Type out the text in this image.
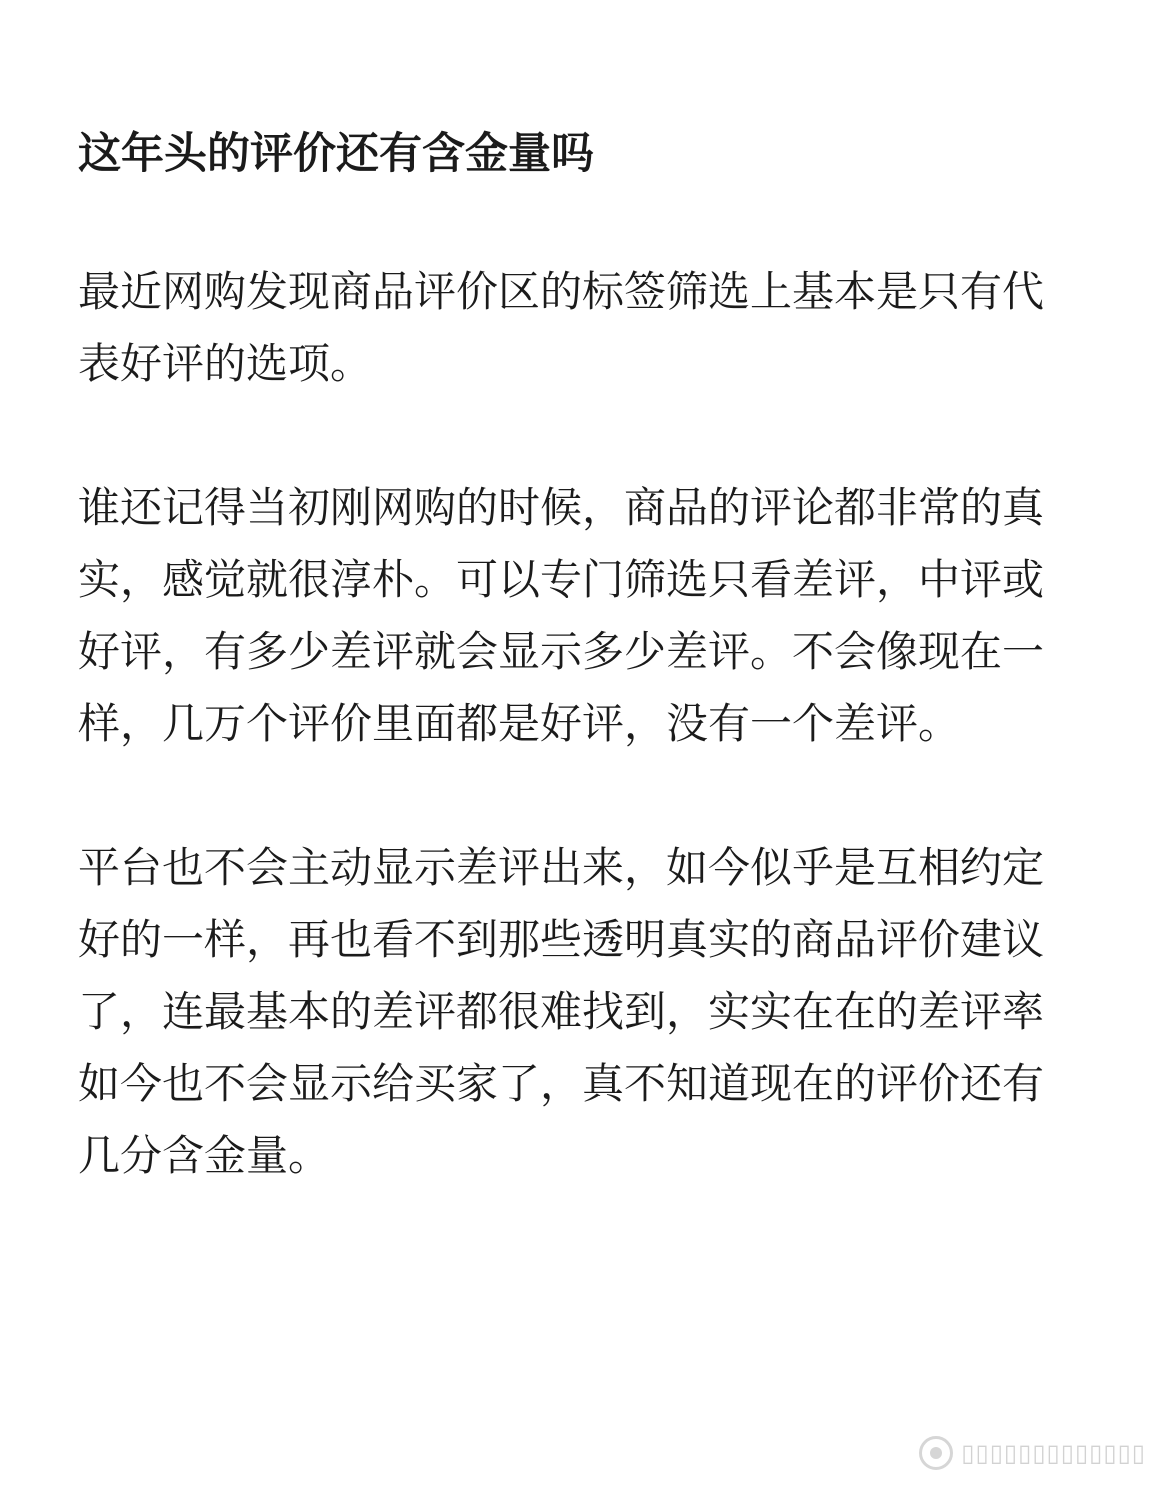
这年头的评价还有含金量吗

最近网购发现商品评价区的标签筛选上基本是只有代表好评的选项。

谁还记得当初刚网购的时候，商品的评论都非常的真实，感觉就很淳朴。可以专门筛选只看差评，中评或好评，有多少差评就会显示多少差评。不会像现在一样，几万个评价里面都是好评，没有一个差评。

平台也不会主动显示差评出来，如今似乎是互相约定好的一样，再也看不到那些透明真实的商品评价建议了，连最基本的差评都很难找到，实实在在的差评率如今也不会显示给买家了，真不知道现在的评价还有几分含金量。

▯▯▯▯▯▯▯▯▯▯▯▯▯
